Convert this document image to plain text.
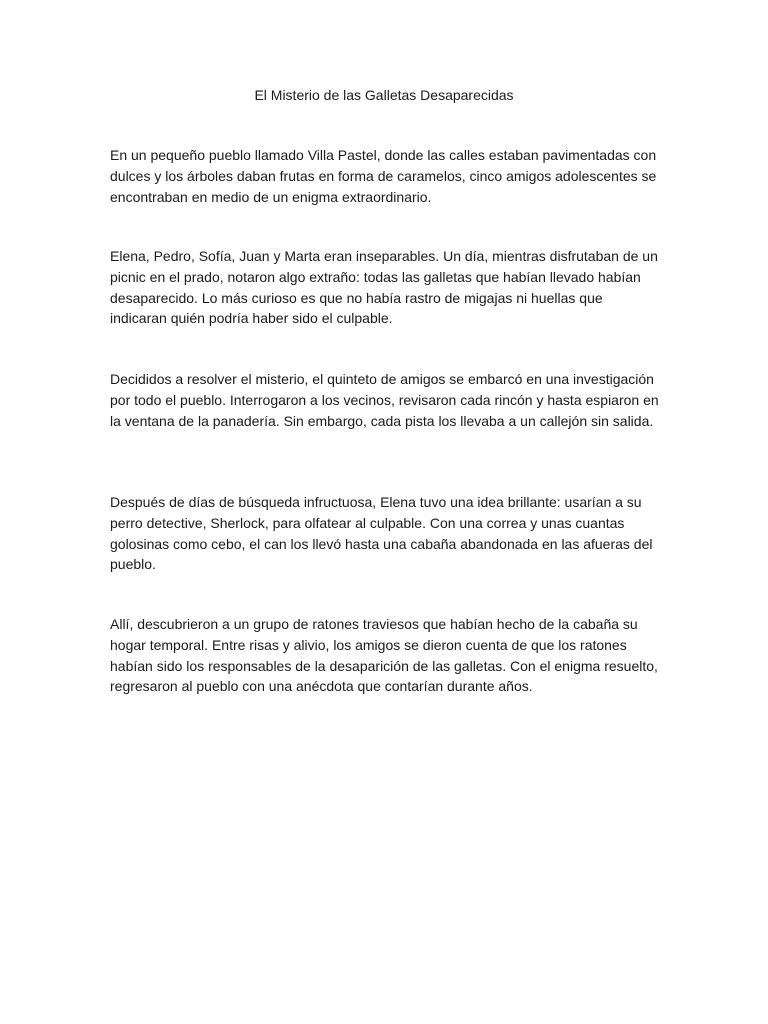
El Misterio de las Galletas Desaparecidas

En un pequeño pueblo llamado Villa Pastel, donde las calles estaban pavimentadas con dulces y los árboles daban frutas en forma de caramelos, cinco amigos adolescentes se encontraban en medio de un enigma extraordinario.

Elena, Pedro, Sofía, Juan y Marta eran inseparables. Un día, mientras disfrutaban de un picnic en el prado, notaron algo extraño: todas las galletas que habían llevado habían desaparecido. Lo más curioso es que no había rastro de migajas ni huellas que indicaran quién podría haber sido el culpable.

Decididos a resolver el misterio, el quinteto de amigos se embarcó en una investigación por todo el pueblo. Interrogaron a los vecinos, revisaron cada rincón y hasta espiaron en la ventana de la panadería. Sin embargo, cada pista los llevaba a un callejón sin salida.

Después de días de búsqueda infructuosa, Elena tuvo una idea brillante: usarían a su perro detective, Sherlock, para olfatear al culpable. Con una correa y unas cuantas golosinas como cebo, el can los llevó hasta una cabaña abandonada en las afueras del pueblo.

Allí, descubrieron a un grupo de ratones traviesos que habían hecho de la cabaña su hogar temporal. Entre risas y alivio, los amigos se dieron cuenta de que los ratones habían sido los responsables de la desaparición de las galletas. Con el enigma resuelto, regresaron al pueblo con una anécdota que contarían durante años.
